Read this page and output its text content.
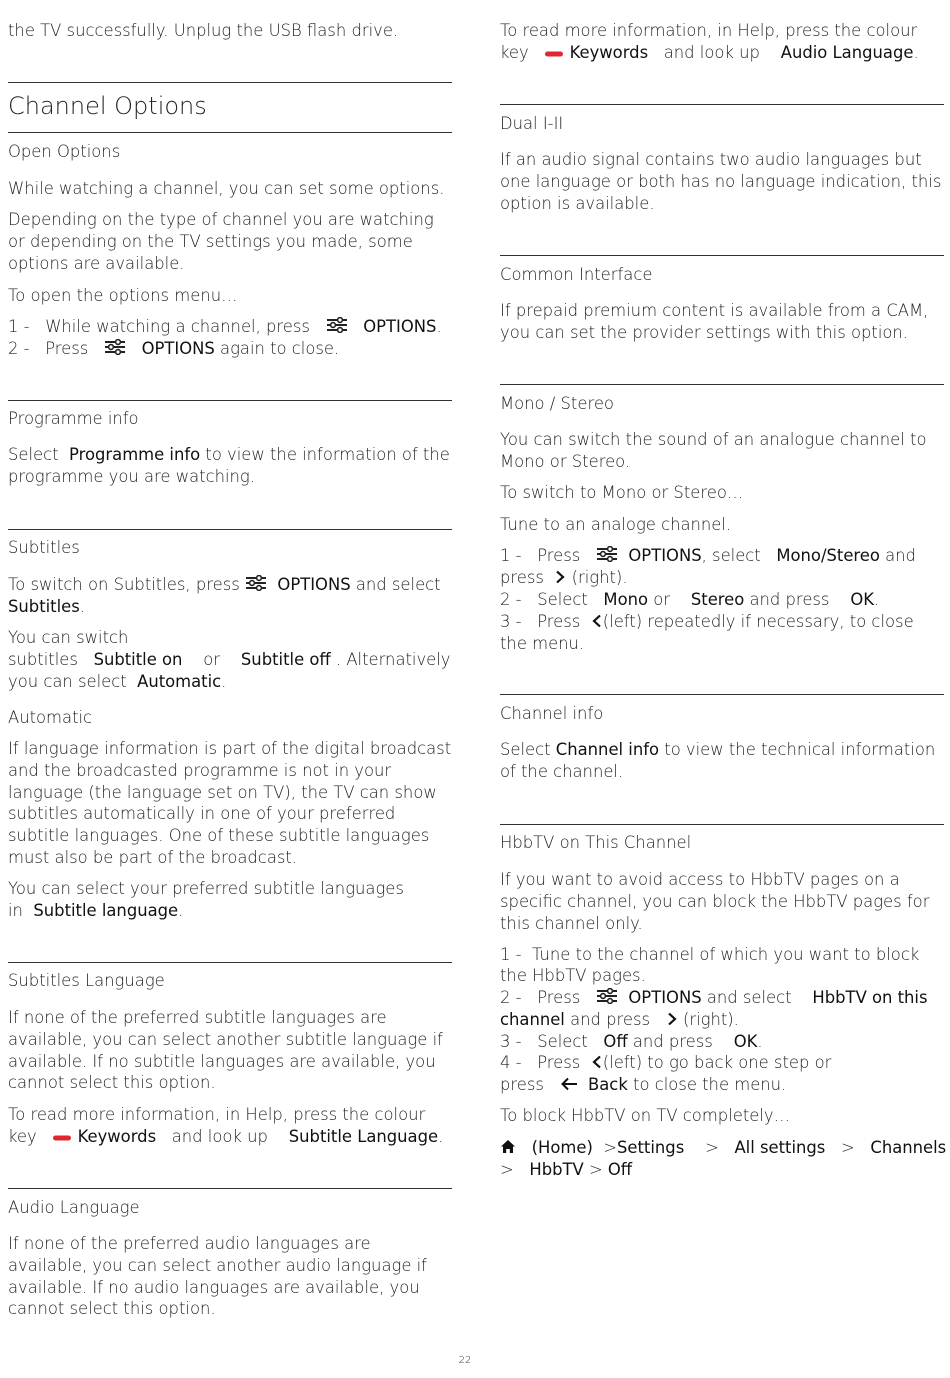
the TV successfully. Unplug the USB flash drive.

Channel Options

Open Options

While watching a channel, you can set some options.

Depending on the type of channel you are watching or depending on the TV settings you made, some options are available.

To open the options menu…

1 - While watching a channel, press	OPTIONS.

2 - Press	OPTIONS again to close.

Programme info

Select Programme info to view the information of the

programme you are watching.

Subtitles

To switch on Subtitles, press OPTIONS and select

Subtitles.

You can switch

subtitles Subtitle on or Subtitle off . Alternatively

you can select Automatic.

Automatic

If language information is part of the digital broadcast and the broadcasted programme is not in your language (the language set on TV), the TV can show subtitles automatically in one of your preferred subtitle languages. One of these subtitle languages must also be part of the broadcast.

You can select your preferred subtitle languages

in Subtitle language.

Subtitles Language

If none of the preferred subtitle languages are available, you can select another subtitle language if available. If no subtitle languages are available, you cannot select this option.

To read more information, in Help, press the colour

key Keywords and look up Subtitle Language.

Audio Language

If none of the preferred audio languages are available, you can select another audio language if available. If no audio languages are available, you cannot select this option.

To read more information, in Help, press the colour

key Keywords and look up Audio Language.

Dual I-II

If an audio signal contains two audio languages but one language or both has no language indication, this option is available.

Common Interface

If prepaid premium content is available from a CAM, you can set the provider settings with this option.

Mono / Stereo

You can switch the sound of an analogue channel to Mono or Stereo.

To switch to Mono or Stereo…

Tune to an analoge channel.

1 - Press	OPTIONS, select Mono/Stereo and

press (right).

2 - Select Mono or Stereo and press OK.

3 - Press (left) repeatedly if necessary, to close

the menu.

Channel info

Select Channel info to view the technical information

of the channel.

HbbTV on This Channel

If you want to avoid access to HbbTV pages on a specific channel, you can block the HbbTV pages for this channel only.

1 - Tune to the channel of which you want to block

the HbbTV pages.

2 - Press	OPTIONS and select HbbTV on this

channel and press (right).

3 - Select Off and press OK.

4 - Press (left) to go back one step or

press	Back to close the menu.

To block HbbTV on TV completely…

(Home) >Settings > All settings > Channels

> HbbTV > Off

22
